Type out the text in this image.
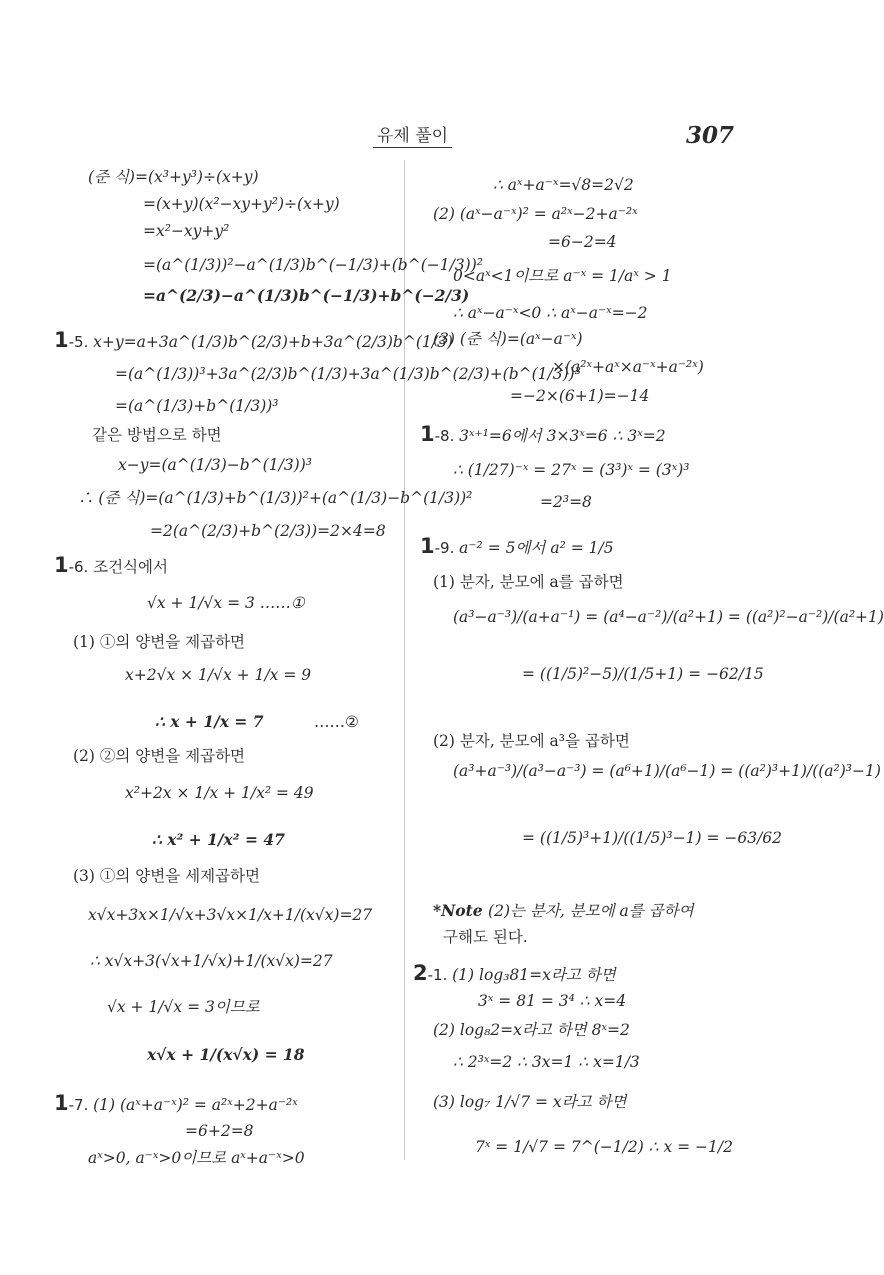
유제 풀이	307
(준 식)=(x³+y³)÷(x+y)
=(x+y)(x²−xy+y²)÷(x+y)
=x²−xy+y²
=(a^(1/3))²−a^(1/3)b^(−1/3)+(b^(−1/3))²
=a^(2/3)−a^(1/3)b^(−1/3)+b^(−2/3)
1-5. x+y=a+3a^(1/3)b^(2/3)+b+3a^(2/3)b^(1/3)
=(a^(1/3))³+3a^(2/3)b^(1/3)+3a^(1/3)b^(2/3)+(b^(1/3))³
=(a^(1/3)+b^(1/3))³
같은 방법으로 하면
x−y=(a^(1/3)−b^(1/3))³
∴ (준 식)=(a^(1/3)+b^(1/3))²+(a^(1/3)−b^(1/3))²
=2(a^(2/3)+b^(2/3))=2×4=8
1-6. 조건식에서
√x + 1/√x = 3 ……①
(1) ①의 양변을 제곱하면
x+2√x × 1/√x + 1/x = 9
∴ x + 1/x = 7	……②
(2) ②의 양변을 제곱하면
x²+2x × 1/x + 1/x² = 49
∴ x² + 1/x² = 47
(3) ①의 양변을 세제곱하면
x√x+3x×1/√x+3√x×1/x+1/(x√x)=27
∴ x√x+3(√x+1/√x)+1/(x√x)=27
√x + 1/√x = 3이므로
x√x + 1/(x√x) = 18
1-7. (1) (aˣ+a⁻ˣ)² = a²ˣ+2+a⁻²ˣ
=6+2=8
aˣ>0, a⁻ˣ>0이므로 aˣ+a⁻ˣ>0
∴ aˣ+a⁻ˣ=√8=2√2
(2) (aˣ−a⁻ˣ)² = a²ˣ−2+a⁻²ˣ
=6−2=4
0<aˣ<1이므로 a⁻ˣ = 1/aˣ > 1
∴ aˣ−a⁻ˣ<0 ∴ aˣ−a⁻ˣ=−2
(3) (준 식)=(aˣ−a⁻ˣ)
×(a²ˣ+aˣ×a⁻ˣ+a⁻²ˣ)
=−2×(6+1)=−14
1-8. 3ˣ⁺¹=6에서 3×3ˣ=6 ∴ 3ˣ=2
∴ (1/27)⁻ˣ = 27ˣ = (3³)ˣ = (3ˣ)³
=2³=8
1-9. a⁻² = 5에서 a² = 1/5
(1) 분자, 분모에 a를 곱하면
(a³−a⁻³)/(a+a⁻¹) = (a⁴−a⁻²)/(a²+1) = ((a²)²−a⁻²)/(a²+1)
= ((1/5)²−5)/(1/5+1) = −62/15
(2) 분자, 분모에 a³을 곱하면
(a³+a⁻³)/(a³−a⁻³) = (a⁶+1)/(a⁶−1) = ((a²)³+1)/((a²)³−1)
= ((1/5)³+1)/((1/5)³−1) = −63/62
*Note (2)는 분자, 분모에 a를 곱하여
구해도 된다.
2-1. (1) log₃81=x라고 하면
3ˣ = 81 = 3⁴ ∴ x=4
(2) log₈2=x라고 하면 8ˣ=2
∴ 2³ˣ=2 ∴ 3x=1 ∴ x=1/3
(3) log₇ 1/√7 = x라고 하면
7ˣ = 1/√7 = 7^(−1/2) ∴ x = −1/2
